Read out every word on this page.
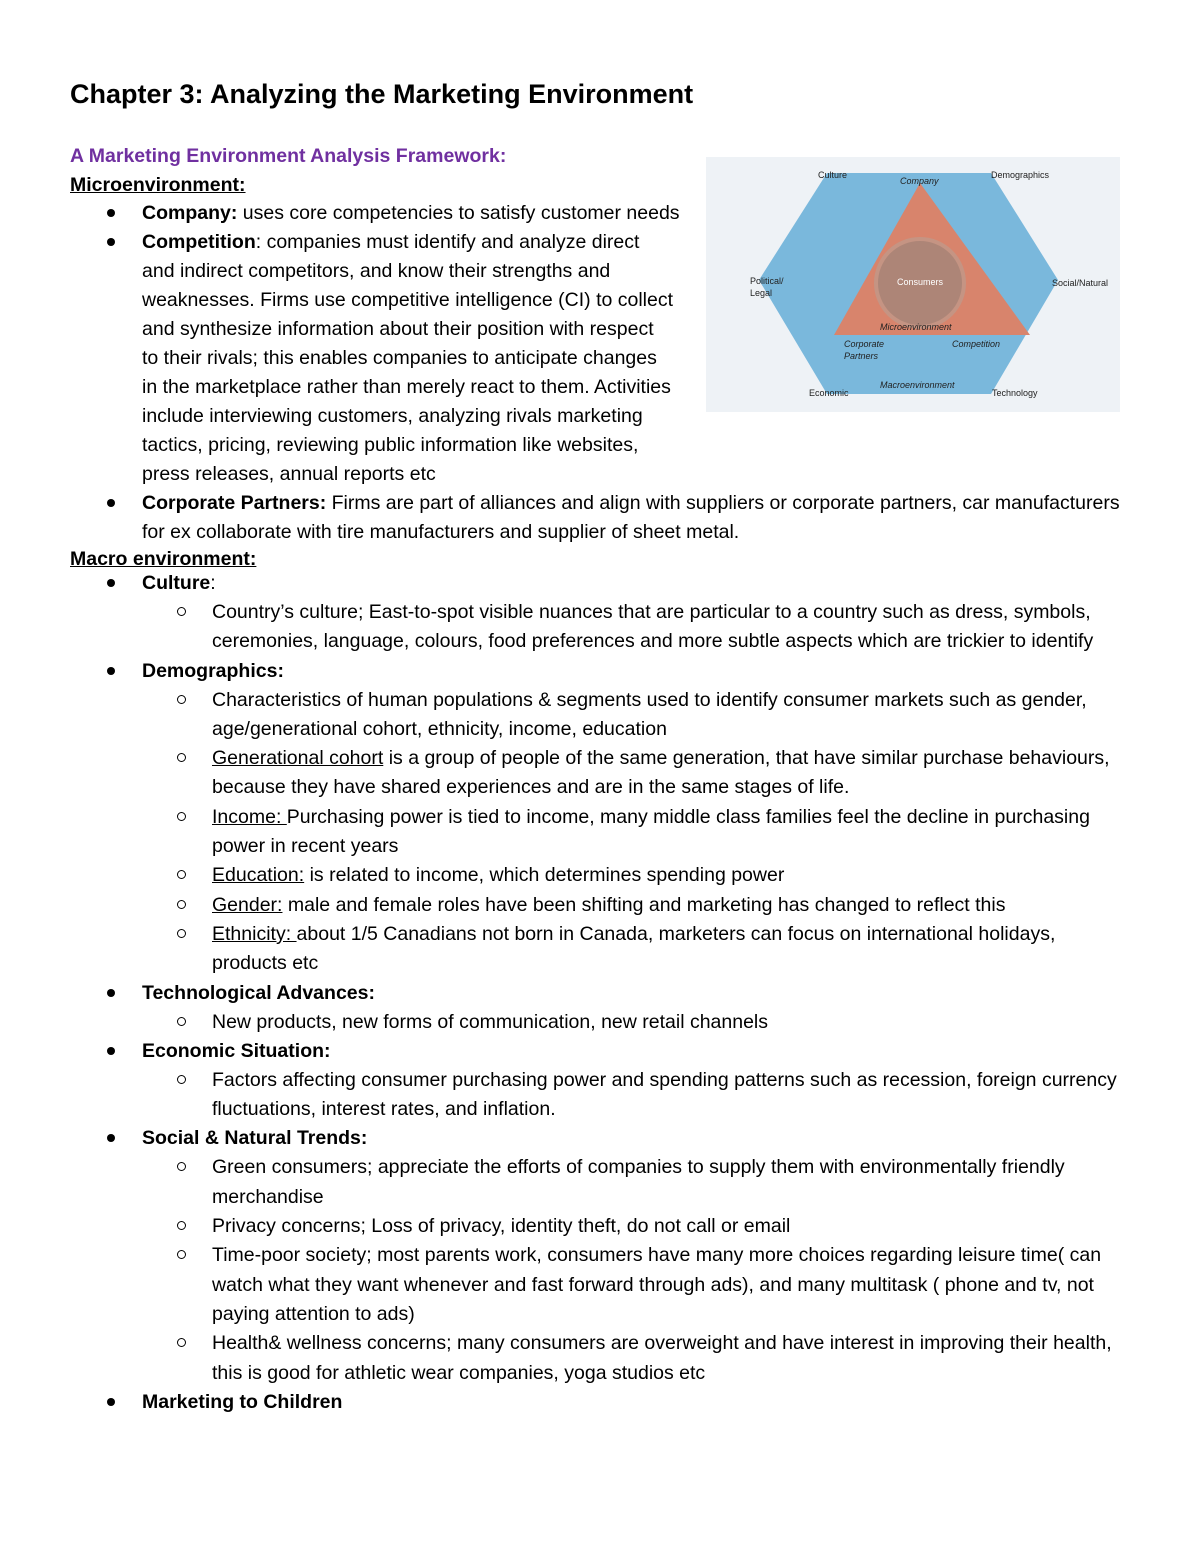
Chapter 3: Analyzing the Marketing Environment
A Marketing Environment Analysis Framework:
Microenvironment:	Culture
Company
Demographics
Political/
Legal
Social/Natural
Consumers
Microenvironment
Corporate
Partners
Competition
Economic
Macroenvironment
Technology
Company: uses core competencies to satisfy customer needs
Competition: companies must identify and analyze direct and indirect competitors, and know their strengths and weaknesses. Firms use competitive intelligence (CI) to collect and synthesize information about their position with respect to their rivals; this enables companies to anticipate changes in the marketplace rather than merely react to them. Activities include interviewing customers, analyzing rivals marketing tactics, pricing, reviewing public information like websites, press releases, annual reports etc
Corporate Partners: Firms are part of alliances and align with suppliers or corporate partners, car manufacturers for ex collaborate with tire manufacturers and supplier of sheet metal.
Macro environment:
Culture:
Country’s culture; East-to-spot visible nuances that are particular to a country such as dress, symbols, ceremonies, language, colours, food preferences and more subtle aspects which are trickier to identify
Demographics:
Characteristics of human populations & segments used to identify consumer markets such as gender, age/generational cohort, ethnicity, income, education
Generational cohort is a group of people of the same generation, that have similar purchase behaviours, because they have shared experiences and are in the same stages of life.
Income: Purchasing power is tied to income, many middle class families feel the decline in purchasing power in recent years
Education: is related to income, which determines spending power
Gender: male and female roles have been shifting and marketing has changed to reflect this
Ethnicity: about 1/5 Canadians not born in Canada, marketers can focus on international holidays, products etc
Technological Advances:
New products, new forms of communication, new retail channels
Economic Situation:
Factors affecting consumer purchasing power and spending patterns such as recession, foreign currency fluctuations, interest rates, and inflation.
Social & Natural Trends:
Green consumers; appreciate the efforts of companies to supply them with environmentally friendly merchandise
Privacy concerns; Loss of privacy, identity theft, do not call or email
Time-poor society; most parents work, consumers have many more choices regarding leisure time( can watch what they want whenever and fast forward through ads), and many multitask ( phone and tv, not paying attention to ads)
Health& wellness concerns; many consumers are overweight and have interest in improving their health, this is good for athletic wear companies, yoga studios etc
Marketing to Children
